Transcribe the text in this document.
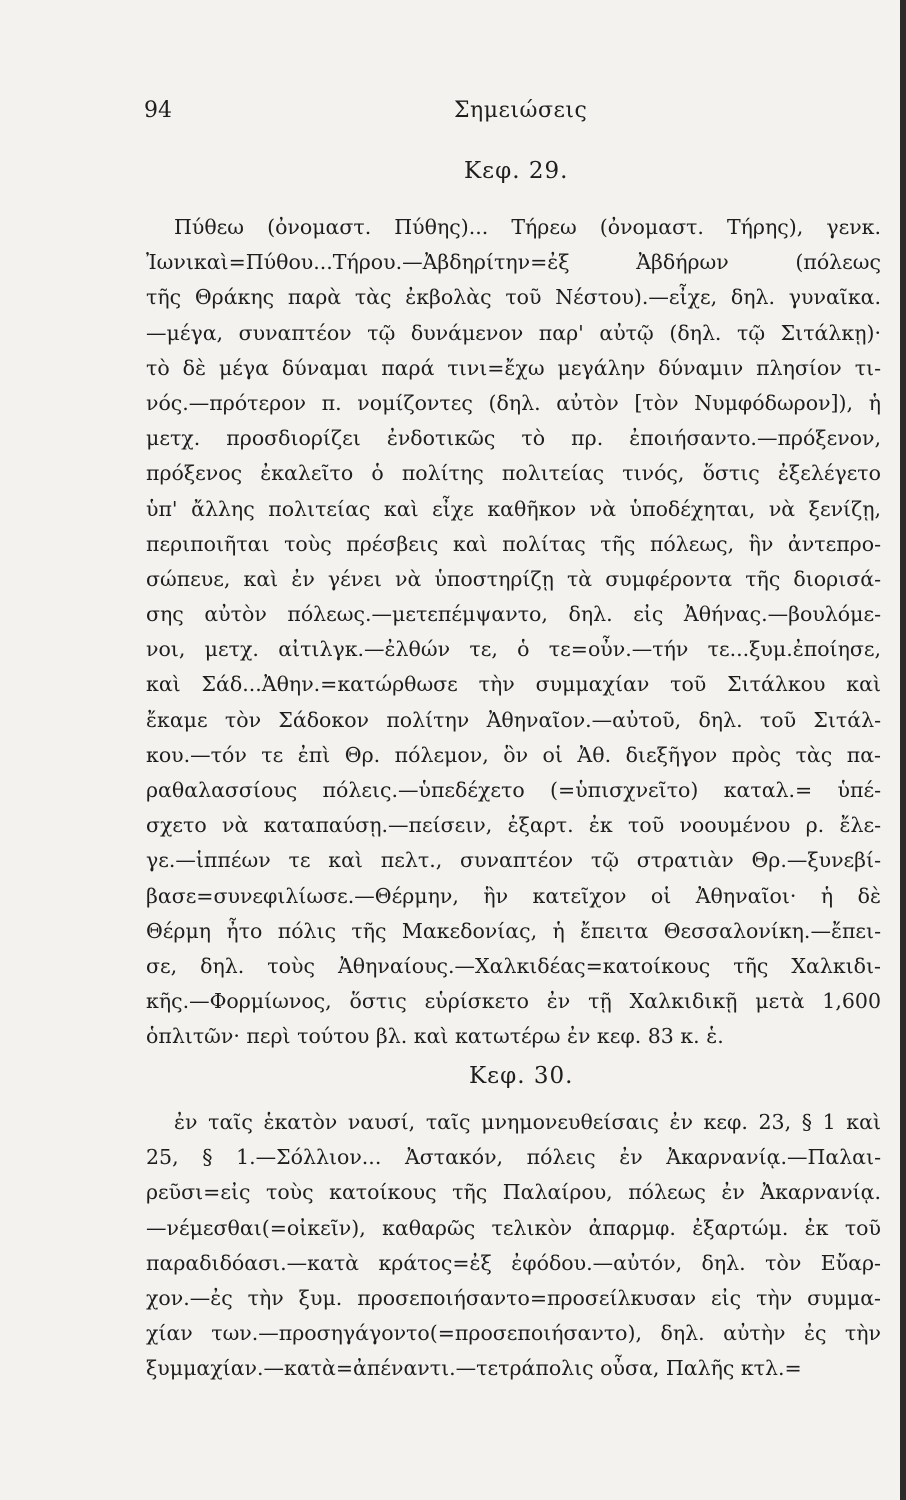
94	Σημειώσεις
Κεφ. 29.
Πύθεω (ὀνομαστ. Πύθης)... Τήρεω (ὀνομαστ. Τήρης), γενκ.
Ἰωνικαὶ=Πύθου...Τήρου.—Ἀβδηρίτην=ἐξ Ἀβδήρων (πόλεως
τῆς Θράκης παρὰ τὰς ἐκβολὰς τοῦ Νέστου).—εἶχε, δηλ. γυναῖκα.
—μέγα, συναπτέον τῷ δυνάμενον παρ' αὐτῷ (δηλ. τῷ Σιτάλκῃ)·
τὸ δὲ μέγα δύναμαι παρά τινι=ἔχω μεγάλην δύναμιν πλησίον τι-
νός.—πρότερον π. νομίζοντες (δηλ. αὐτὸν [τὸν Νυμφόδωρον]), ἡ
μετχ. προσδιορίζει ἐνδοτικῶς τὸ πρ. ἐποιήσαντο.—πρόξενον,
πρόξενος ἐκαλεῖτο ὁ πολίτης πολιτείας τινός, ὅστις ἐξελέγετο
ὑπ' ἄλλης πολιτείας καὶ εἶχε καθῆκον νὰ ὑποδέχηται, νὰ ξενίζῃ,
περιποιῆται τοὺς πρέσβεις καὶ πολίτας τῆς πόλεως, ἣν ἀντεπρο-
σώπευε, καὶ ἐν γένει νὰ ὑποστηρίζῃ τὰ συμφέροντα τῆς διορισά-
σης αὐτὸν πόλεως.—μετεπέμψαντο, δηλ. εἰς Ἀθήνας.—βουλόμε-
νοι, μετχ. αἰτιλγκ.—ἐλθών τε, ὁ τε=οὖν.—τήν τε...ξυμ.ἐποίησε,
καὶ Σάδ...Ἀθην.=κατώρθωσε τὴν συμμαχίαν τοῦ Σιτάλκου καὶ
ἔκαμε τὸν Σάδοκον πολίτην Ἀθηναῖον.—αὐτοῦ, δηλ. τοῦ Σιτάλ-
κου.—τόν τε ἐπὶ Θρ. πόλεμον, ὃν οἱ Ἀθ. διεξῆγον πρὸς τὰς πα-
ραθαλασσίους πόλεις.—ὑπεδέχετο (=ὑπισχνεῖτο) καταλ.= ὑπέ-
σχετο νὰ καταπαύσῃ.—πείσειν, ἐξαρτ. ἐκ τοῦ νοουμένου ρ. ἔλε-
γε.—ἱππέων τε καὶ πελτ., συναπτέον τῷ στρατιὰν Θρ.—ξυνεβί-
βασε=συνεφιλίωσε.—Θέρμην, ἣν κατεῖχον οἱ Ἀθηναῖοι· ἡ δὲ
Θέρμη ἦτο πόλις τῆς Μακεδονίας, ἡ ἔπειτα Θεσσαλονίκη.—ἔπει-
σε, δηλ. τοὺς Ἀθηναίους.—Χαλκιδέας=κατοίκους τῆς Χαλκιδι-
κῆς.—Φορμίωνος, ὅστις εὑρίσκετο ἐν τῇ Χαλκιδικῇ μετὰ 1,600
ὁπλιτῶν· περὶ τούτου βλ. καὶ κατωτέρω ἐν κεφ. 83 κ. ἑ.
Κεφ. 30.
ἐν ταῖς ἑκατὸν ναυσί, ταῖς μνημονευθείσαις ἐν κεφ. 23, § 1 καὶ
25, § 1.—Σόλλιον... Ἀστακόν, πόλεις ἐν Ἀκαρνανίᾳ.—Παλαι-
ρεῦσι=εἰς τοὺς κατοίκους τῆς Παλαίρου, πόλεως ἐν Ἀκαρνανίᾳ.
—νέμεσθαι(=οἰκεῖν), καθαρῶς τελικὸν ἀπαρμφ. ἐξαρτώμ. ἐκ τοῦ
παραδιδόασι.—κατὰ κράτος=ἐξ ἐφόδου.—αὐτόν, δηλ. τὸν Εὔαρ-
χον.—ἐς τὴν ξυμ. προσεποιήσαντο=προσείλκυσαν εἰς τὴν συμμα-
χίαν των.—προσηγάγοντο(=προσεποιήσαντο), δηλ. αὐτὴν ἐς τὴν
ξυμμαχίαν.—κατὰ=ἀπέναντι.—τετράπολις οὖσα, Παλῆς κτλ.=
